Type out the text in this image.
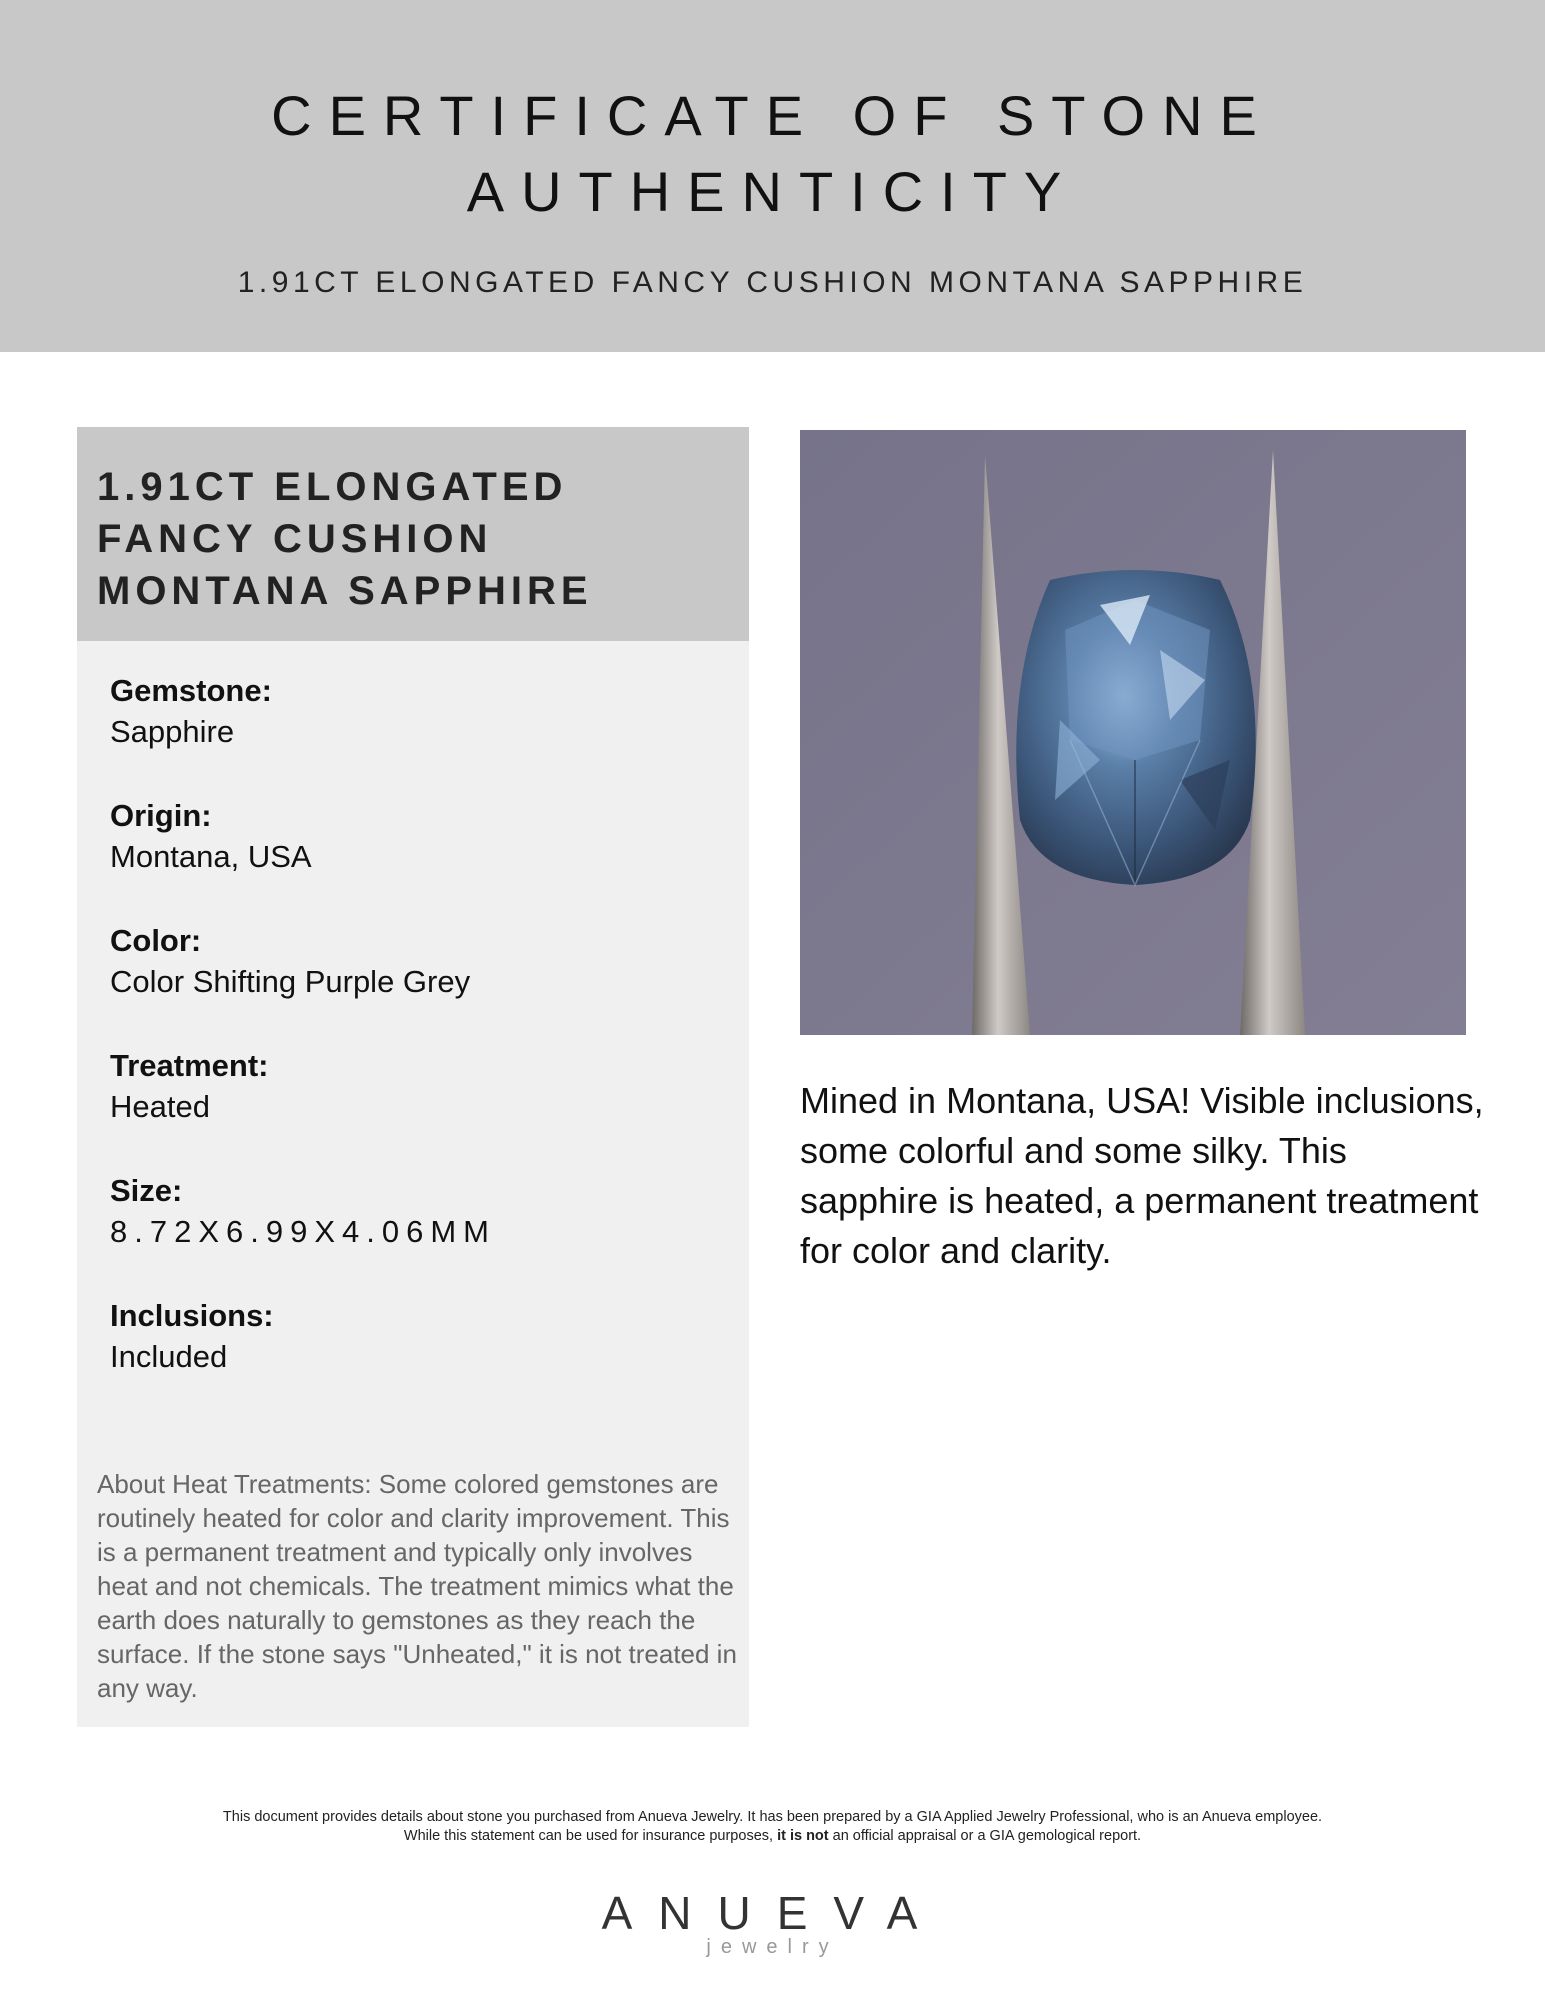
CERTIFICATE OF STONE AUTHENTICITY

1.91CT ELONGATED FANCY CUSHION MONTANA SAPPHIRE

1.91CT ELONGATED FANCY CUSHION MONTANA SAPPHIRE
Gemstone:
Sapphire
Origin:
Montana, USA
Color:
Color Shifting Purple Grey
Treatment:
Heated
Size:
8.72X6.99X4.06MM
Inclusions:
Included

About Heat Treatments: Some colored gemstones are routinely heated for color and clarity improvement. This is a permanent treatment and typically only involves heat and not chemicals. The treatment mimics what the earth does naturally to gemstones as they reach the surface. If the stone says "Unheated," it is not treated in any way.

Mined in Montana, USA! Visible inclusions, some colorful and some silky. This sapphire is heated, a permanent treatment for color and clarity.

This document provides details about stone you purchased from Anueva Jewelry. It has been prepared by a GIA Applied Jewelry Professional, who is an Anueva employee.
While this statement can be used for insurance purposes, it is not an official appraisal or a GIA gemological report.
ANUEVA
jewelry
